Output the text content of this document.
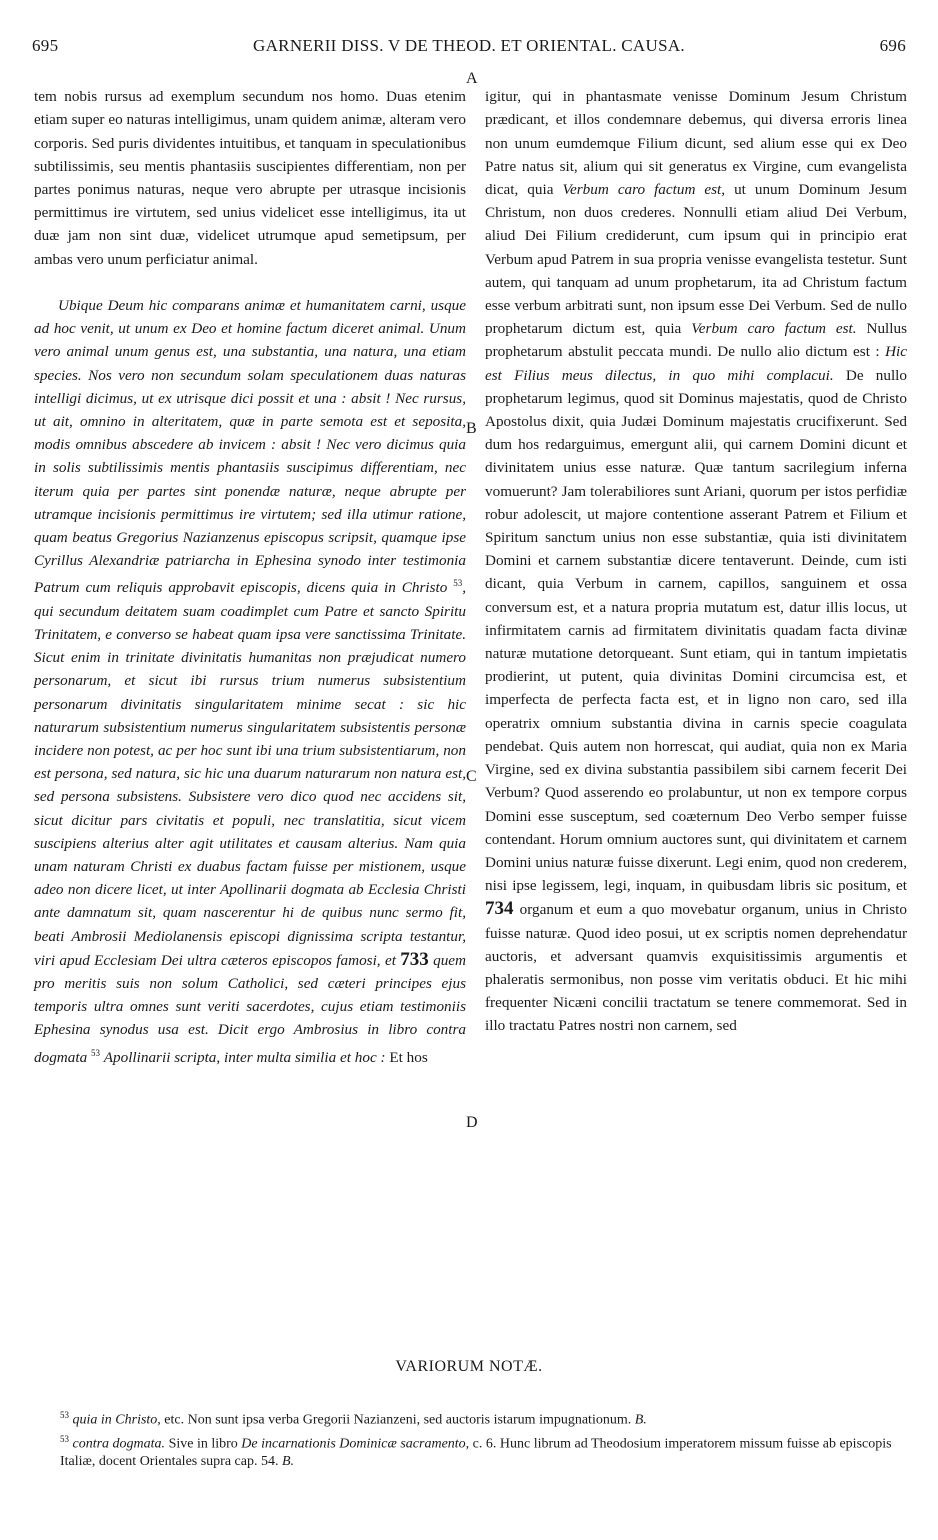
695	GARNERII DISS. V DE THEOD. ET ORIENTAL. CAUSA.	696

tem nobis rursus ad exemplum secundum nos homo. Duas etenim etiam super eo naturas intelligimus, unam quidem animæ, alteram vero corporis. Sed puris dividentes intuitibus, et tanquam in speculationibus subtilissimis, seu mentis phantasiis suscipientes differentiam, non per partes ponimus naturas, neque vero abrupte per utrasque incisionis permittimus ire virtutem, sed unius videlicet esse intelligimus, ita ut duæ jam non sint duæ, videlicet utrumque apud semetipsum, per ambas vero unum perficiatur animal.

Ubique Deum hic comparans animæ et humanitatem carni, usque ad hoc venit, ut unum ex Deo et homine factum diceret animal. Unum vero animal unum genus est, una substantia, una natura, una etiam species. Nos vero non secundum solam speculationem duas naturas intelligi dicimus, ut ex utrisque dici possit et una : absit ! Nec rursus, ut ait, omnino in alteritatem, quæ in parte semota est et seposita, modis omnibus abscedere ab invicem : absit ! Nec vero dicimus quia in solis subtilissimis mentis phantasiis suscipimus differentiam, nec iterum quia per partes sint ponendæ naturæ, neque abrupte per utramque incisionis permittimus ire virtutem; sed illa utimur ratione, quam beatus Gregorius Nazianzenus episcopus scripsit, quamque ipse Cyrillus Alexandriæ patriarcha in Ephesina synodo inter testimonia Patrum cum reliquis approbavit episcopis, dicens quia in Christo $^{53}$, qui secundum deitatem suam coadimplet cum Patre et sancto Spiritu Trinitatem, e converso se habeat quam ipsa vere sanctissima Trinitate. Sicut enim in trinitate divinitatis humanitas non præjudicat numero personarum, et sicut ibi rursus trium numerus subsistentium personarum divinitatis singularitatem minime secat : sic hic naturarum subsistentium numerus singularitatem subsistentis personæ incidere non potest, ac per hoc sunt ibi una trium subsistentiarum, non est persona, sed natura, sic hic una duarum naturarum non natura est, sed persona subsistens. Subsistere vero dico quod nec accidens sit, sicut dicitur pars civitatis et populi, nec translatitia, sicut vicem suscipiens alterius alter agit utilitates et causam alterius. Nam quia unam naturam Christi ex duabus factam fuisse per mistionem, usque adeo non dicere licet, ut inter Apollinarii dogmata ab Ecclesia Christi ante damnatum sit, quam nascerentur hi de quibus nunc sermo fit, beati Ambrosii Mediolanensis episcopi dignissima scripta testantur, viri apud Ecclesiam Dei ultra cæteros episcopos famosi, et 733 quem pro meritis suis non solum Catholici, sed cæteri principes ejus temporis ultra omnes sunt veriti sacerdotes, cujus etiam testimoniis Ephesina synodus usa est. Dicit ergo Ambrosius in libro contra dogmata $^{53}$ Apollinarii scripta, inter multa similia et hoc : Et hos

A
B
C
D

igitur, qui in phantasmate venisse Dominum Jesum Christum prædicant, et illos condemnare debemus, qui diversa erroris linea non unum eumdemque Filium dicunt, sed alium esse qui ex Deo Patre natus sit, alium qui sit generatus ex Virgine, cum evangelista dicat, quia Verbum caro factum est, ut unum Dominum Jesum Christum, non duos crederes. Nonnulli etiam aliud Dei Verbum, aliud Dei Filium crediderunt, cum ipsum qui in principio erat Verbum apud Patrem in sua propria venisse evangelista testetur. Sunt autem, qui tanquam ad unum prophetarum, ita ad Christum factum esse verbum arbitrati sunt, non ipsum esse Dei Verbum. Sed de nullo prophetarum dictum est, quia Verbum caro factum est. Nullus prophetarum abstulit peccata mundi. De nullo alio dictum est : Hic est Filius meus dilectus, in quo mihi complacui. De nullo prophetarum legimus, quod sit Dominus majestatis, quod de Christo Apostolus dixit, quia Judæi Dominum majestatis crucifixerunt. Sed dum hos redarguimus, emergunt alii, qui carnem Domini dicunt et divinitatem unius esse naturæ. Quæ tantum sacrilegium inferna vomuerunt? Jam tolerabiliores sunt Ariani, quorum per istos perfidiæ robur adolescit, ut majore contentione asserant Patrem et Filium et Spiritum sanctum unius non esse substantiæ, quia isti divinitatem Domini et carnem substantiæ dicere tentaverunt. Deinde, cum isti dicant, quia Verbum in carnem, capillos, sanguinem et ossa conversum est, et a natura propria mutatum est, datur illis locus, ut infirmitatem carnis ad firmitatem divinitatis quadam facta divinæ naturæ mutatione detorqueant. Sunt etiam, qui in tantum impietatis prodierint, ut putent, quia divinitas Domini circumcisa est, et imperfecta de perfecta facta est, et in ligno non caro, sed illa operatrix omnium substantia divina in carnis specie coagulata pendebat. Quis autem non horrescat, qui audiat, quia non ex Maria Virgine, sed ex divina substantia passibilem sibi carnem fecerit Dei Verbum? Quod asserendo eo prolabuntur, ut non ex tempore corpus Domini esse susceptum, sed coæternum Deo Verbo semper fuisse contendant. Horum omnium auctores sunt, qui divinitatem et carnem Domini unius naturæ fuisse dixerunt. Legi enim, quod non crederem, nisi ipse legissem, legi, inquam, in quibusdam libris sic positum, et 734 organum et eum a quo movebatur organum, unius in Christo fuisse naturæ. Quod ideo posui, ut ex scriptis nomen deprehendatur auctoris, et adversant quamvis exquisitissimis argumentis et phaleratis sermonibus, non posse vim veritatis obduci. Et hic mihi frequenter Nicæni concilii tractatum se tenere commemorat. Sed in illo tractatu Patres nostri non carnem, sed

VARIORUM NOTÆ.

$^{53}$ quia in Christo, etc. Non sunt ipsa verba Gregorii Nazianzeni, sed auctoris istarum impugnationum. B.

$^{53}$ contra dogmata. Sive in libro De incarnationis Dominicæ sacramento, c. 6. Hunc librum ad Theodosium imperatorem missum fuisse ab episcopis Italiæ, docent Orientales supra cap. 54. B.
